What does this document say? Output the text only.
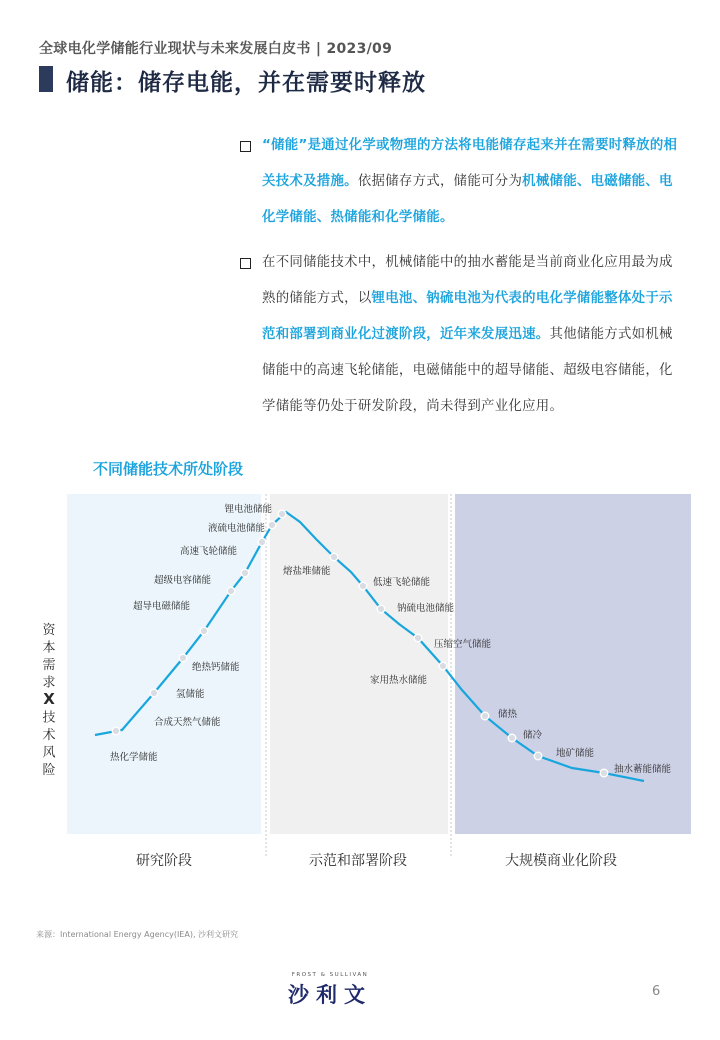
全球电化学储能行业现状与未来发展白皮书 | 2023/09
储能：储存电能，并在需要时释放
“储能”是通过化学或物理的方法将电能储存起来并在需要时释放的相关技术及措施。依据储存方式，储能可分为机械储能、电磁储能、电化学储能、热储能和化学储能。
在不同储能技术中，机械储能中的抽水蓄能是当前商业化应用最为成熟的储能方式，以锂电池、钠硫电池为代表的电化学储能整体处于示范和部署到商业化过渡阶段，近年来发展迅速。其他储能方式如机械储能中的高速飞轮储能，电磁储能中的超导储能、超级电容储能，化学储能等仍处于研发阶段，尚未得到产业化应用。
不同储能技术所处阶段
热化学储能
合成天然气储能
氢储能
绝热钙储能
超导电磁储能
超级电容储能
高速飞轮储能
液硫电池储能
锂电池储能
熔盐堆储能
低速飞轮储能
钠硫电池储能
压缩空气储能
家用热水储能
储热
储冷
地矿储能
抽水蓄能储能
研究阶段	示范和部署阶段	大规模商业化阶段
资本需求 X 技术风险
来源：International Energy Agency(IEA), 沙利文研究
FROST & SULLIVAN
沙利文	6
